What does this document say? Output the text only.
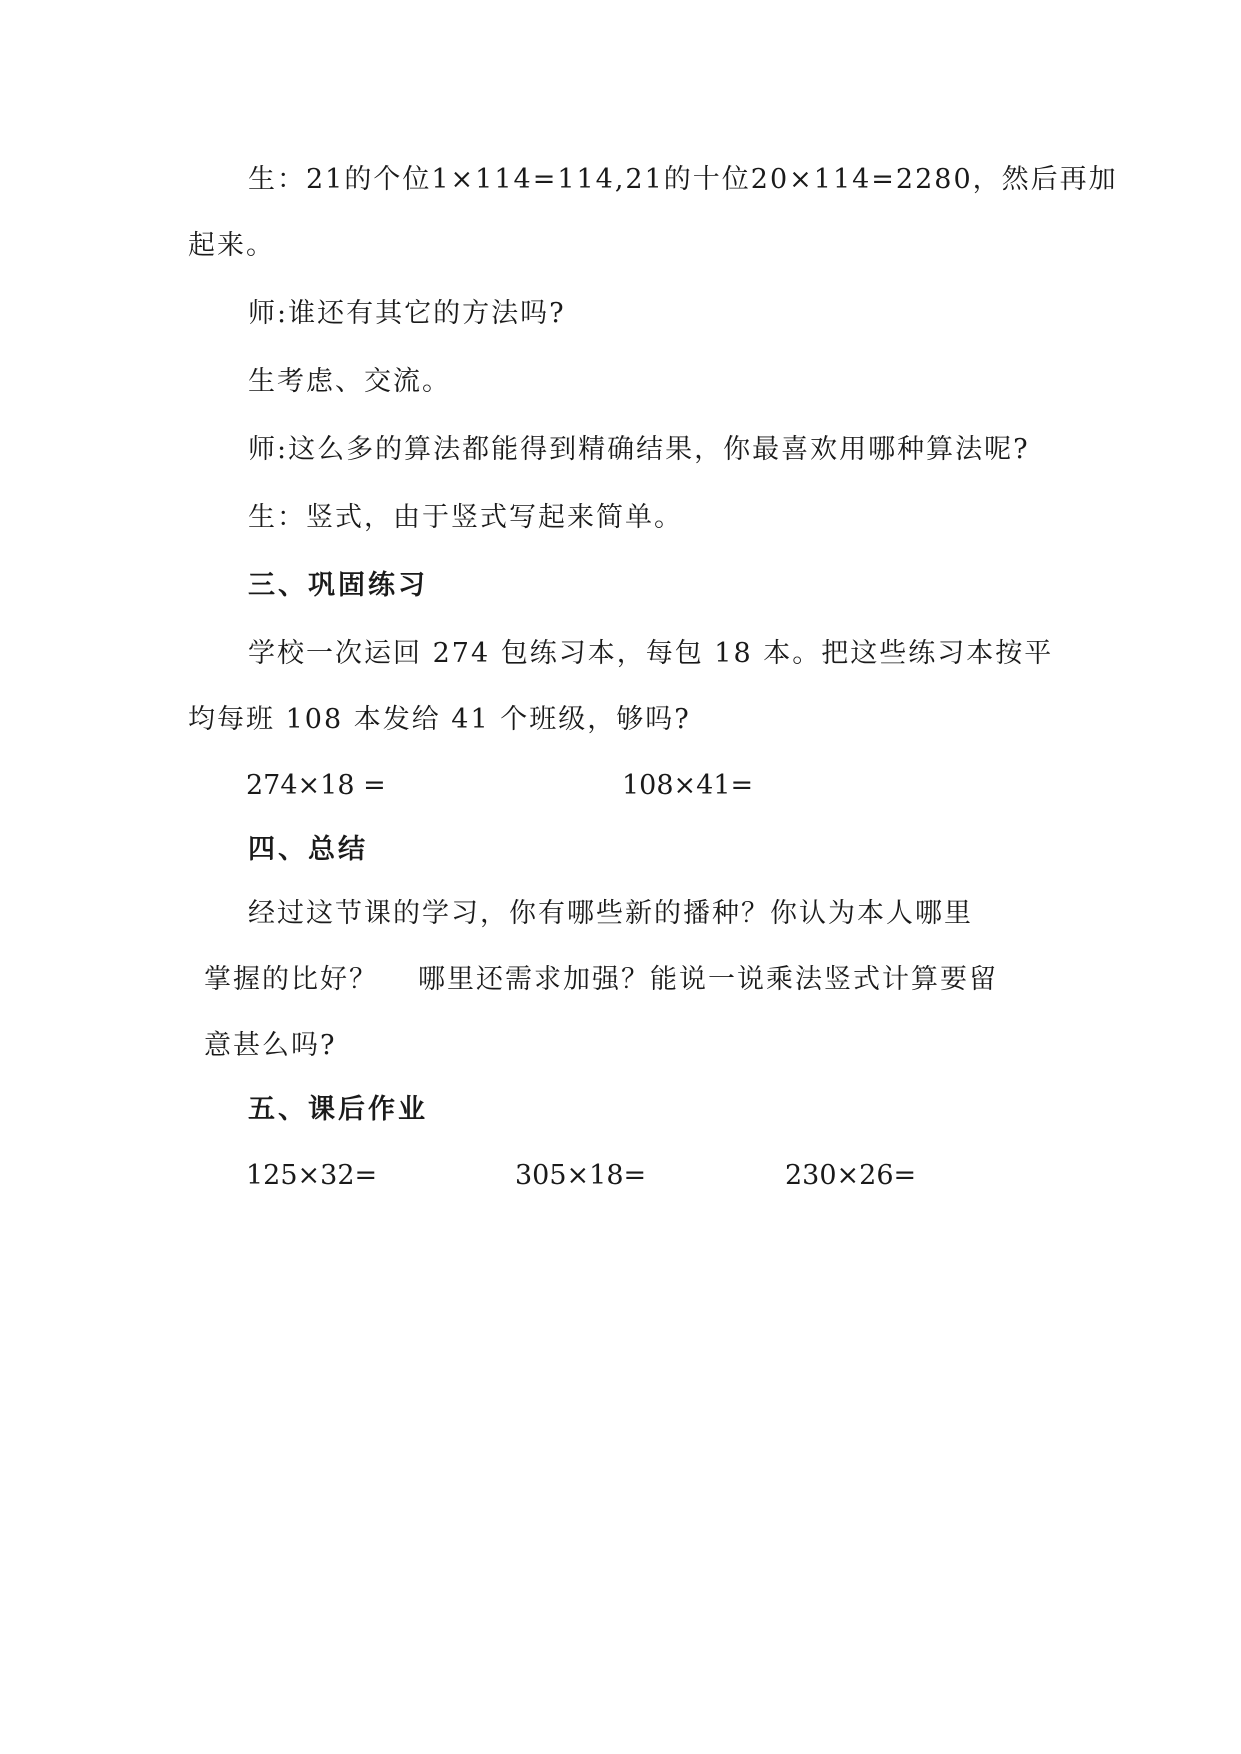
生：21的个位1×114=114,21的十位20×114=2280，然后再加
起来。
师:谁还有其它的方法吗?
生考虑、交流。
师:这么多的算法都能得到精确结果，你最喜欢用哪种算法呢?
生：竖式，由于竖式写起来简单。
三、巩固练习
学校一次运回 274 包练习本，每包 18 本。把这些练习本按平
均每班 108 本发给 41 个班级，够吗?
274×18 =	108×41=
四、总结
经过这节课的学习，你有哪些新的播种？你认为本人哪里
掌握的比好？ 哪里还需求加强？能说一说乘法竖式计算要留
意甚么吗?
五、课后作业
125×32=	305×18=	230×26=
